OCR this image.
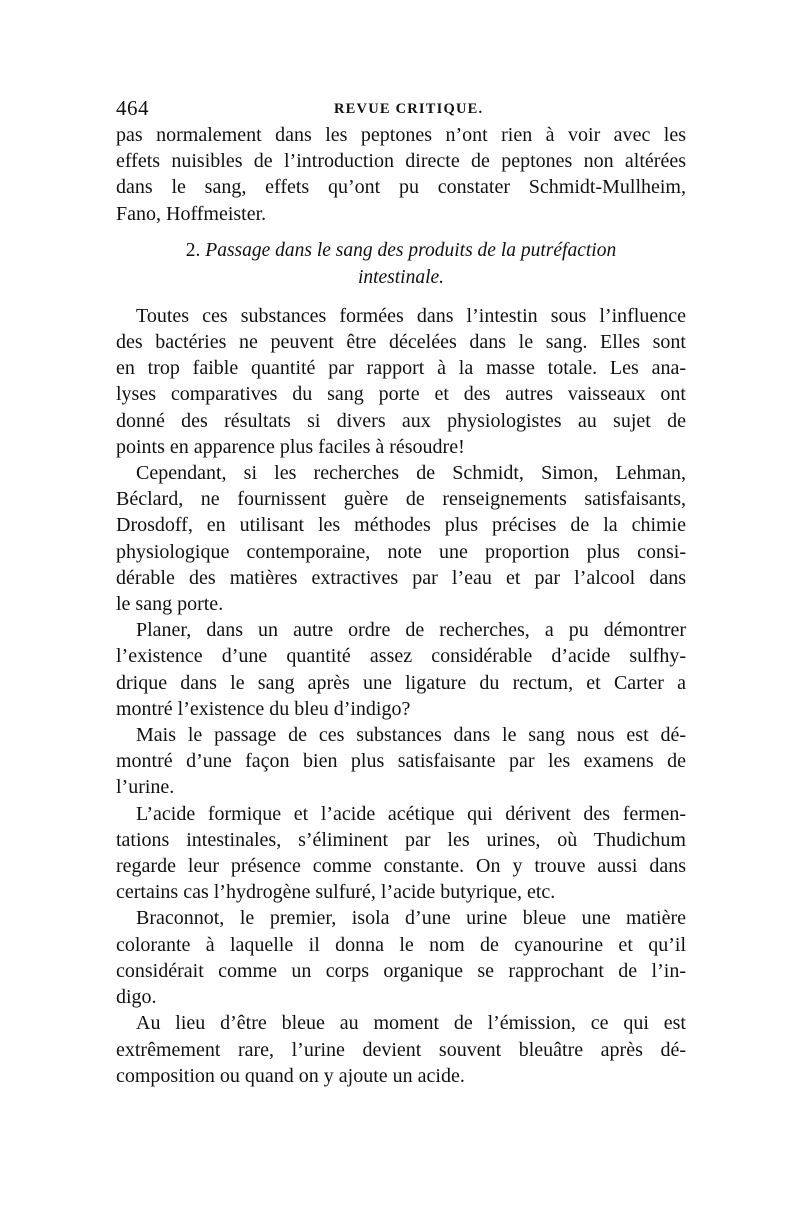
464	REVUE CRITIQUE.

pas normalement dans les peptones n’ont rien à voir avec les
effets nuisibles de l’introduction directe de peptones non altérées
dans le sang, effets qu’ont pu constater Schmidt-Mullheim,
Fano, Hoffmeister.

2. Passage dans le sang des produits de la putréfaction
intestinale.

Toutes ces substances formées dans l’intestin sous l’influence
des bactéries ne peuvent être décelées dans le sang. Elles sont
en trop faible quantité par rapport à la masse totale. Les ana-
lyses comparatives du sang porte et des autres vaisseaux ont
donné des résultats si divers aux physiologistes au sujet de
points en apparence plus faciles à résoudre!

Cependant, si les recherches de Schmidt, Simon, Lehman,
Béclard, ne fournissent guère de renseignements satisfaisants,
Drosdoff, en utilisant les méthodes plus précises de la chimie
physiologique contemporaine, note une proportion plus consi-
dérable des matières extractives par l’eau et par l’alcool dans
le sang porte.

Planer, dans un autre ordre de recherches, a pu démontrer
l’existence d’une quantité assez considérable d’acide sulfhy-
drique dans le sang après une ligature du rectum, et Carter a
montré l’existence du bleu d’indigo?

Mais le passage de ces substances dans le sang nous est dé-
montré d’une façon bien plus satisfaisante par les examens de
l’urine.

L’acide formique et l’acide acétique qui dérivent des fermen-
tations intestinales, s’éliminent par les urines, où Thudichum
regarde leur présence comme constante. On y trouve aussi dans
certains cas l’hydrogène sulfuré, l’acide butyrique, etc.

Braconnot, le premier, isola d’une urine bleue une matière
colorante à laquelle il donna le nom de cyanourine et qu’il
considérait comme un corps organique se rapprochant de l’in-
digo.

Au lieu d’être bleue au moment de l’émission, ce qui est
extrêmement rare, l’urine devient souvent bleuâtre après dé-
composition ou quand on y ajoute un acide.
